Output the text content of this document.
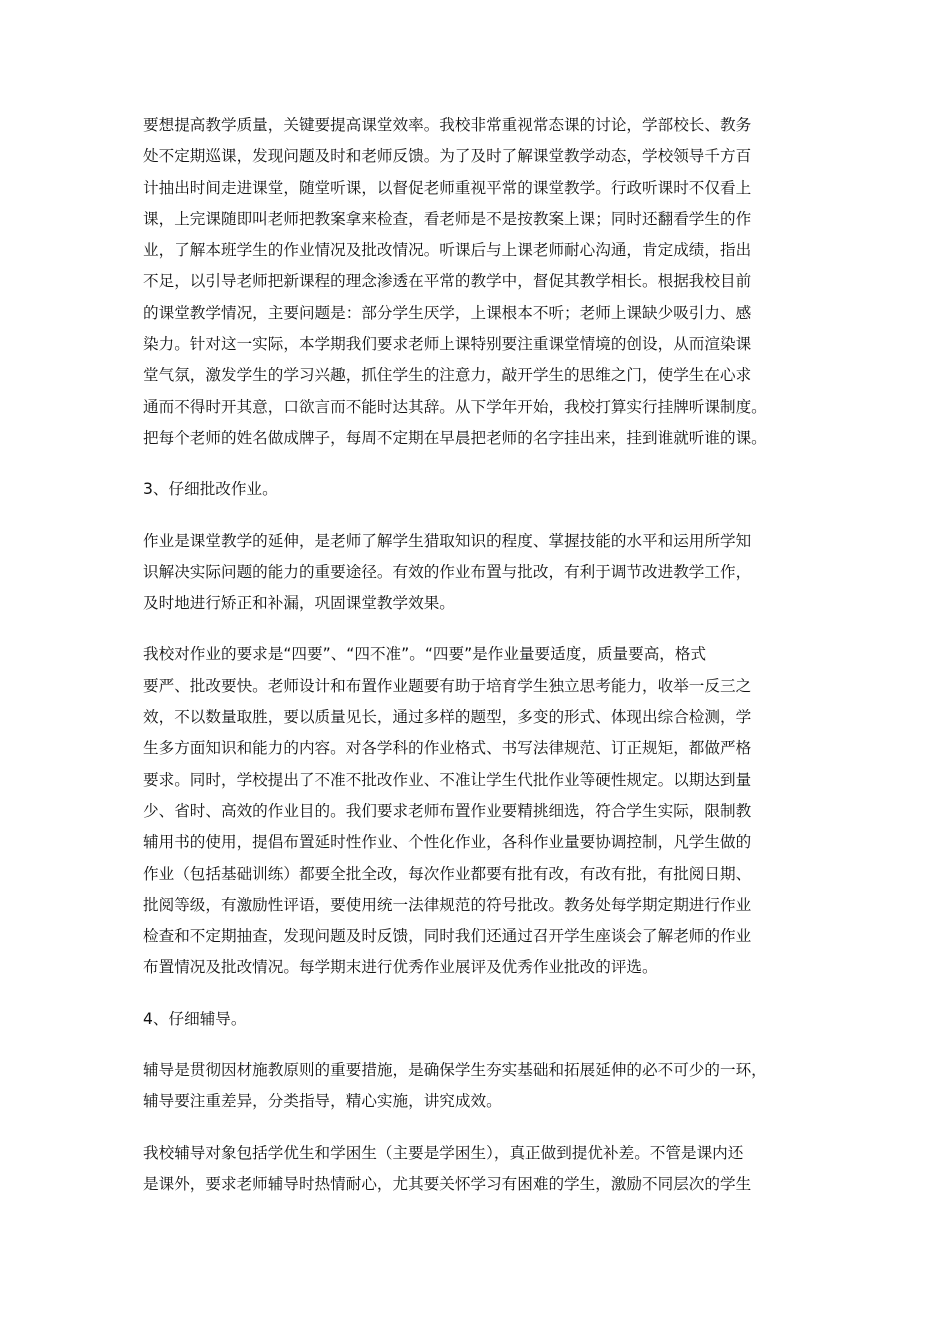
要想提高教学质量，关键要提高课堂效率。我校非常重视常态课的讨论，学部校长、教务
处不定期巡课，发现问题及时和老师反馈。为了及时了解课堂教学动态，学校领导千方百
计抽出时间走进课堂，随堂听课，以督促老师重视平常的课堂教学。行政听课时不仅看上
课，上完课随即叫老师把教案拿来检查，看老师是不是按教案上课；同时还翻看学生的作
业，了解本班学生的作业情况及批改情况。听课后与上课老师耐心沟通，肯定成绩，指出
不足，以引导老师把新课程的理念渗透在平常的教学中，督促其教学相长。根据我校目前
的课堂教学情况，主要问题是：部分学生厌学，上课根本不听；老师上课缺少吸引力、感
染力。针对这一实际，本学期我们要求老师上课特别要注重课堂情境的创设，从而渲染课
堂气氛，激发学生的学习兴趣，抓住学生的注意力，敲开学生的思维之门，使学生在心求
通而不得时开其意，口欲言而不能时达其辞。从下学年开始，我校打算实行挂牌听课制度。
把每个老师的姓名做成牌子，每周不定期在早晨把老师的名字挂出来，挂到谁就听谁的课。

3、仔细批改作业。

作业是课堂教学的延伸，是老师了解学生猎取知识的程度、掌握技能的水平和运用所学知
识解决实际问题的能力的重要途径。有效的作业布置与批改，有利于调节改进教学工作，
及时地进行矫正和补漏，巩固课堂教学效果。

我校对作业的要求是“四要”、“四不准”。“四要”是作业量要适度，质量要高，格式
要严、批改要快。老师设计和布置作业题要有助于培育学生独立思考能力，收举一反三之
效，不以数量取胜，要以质量见长，通过多样的题型，多变的形式、体现出综合检测，学
生多方面知识和能力的内容。对各学科的作业格式、书写法律规范、订正规矩，都做严格
要求。同时，学校提出了不准不批改作业、不准让学生代批作业等硬性规定。以期达到量
少、省时、高效的作业目的。我们要求老师布置作业要精挑细选，符合学生实际，限制教
辅用书的使用，提倡布置延时性作业、个性化作业，各科作业量要协调控制，凡学生做的
作业（包括基础训练）都要全批全改，每次作业都要有批有改，有改有批，有批阅日期、
批阅等级，有激励性评语，要使用统一法律规范的符号批改。教务处每学期定期进行作业
检查和不定期抽查，发现问题及时反馈，同时我们还通过召开学生座谈会了解老师的作业
布置情况及批改情况。每学期末进行优秀作业展评及优秀作业批改的评选。

4、仔细辅导。

辅导是贯彻因材施教原则的重要措施，是确保学生夯实基础和拓展延伸的必不可少的一环，
辅导要注重差异，分类指导，精心实施，讲究成效。

我校辅导对象包括学优生和学困生（主要是学困生），真正做到提优补差。不管是课内还
是课外，要求老师辅导时热情耐心，尤其要关怀学习有困难的学生，激励不同层次的学生
